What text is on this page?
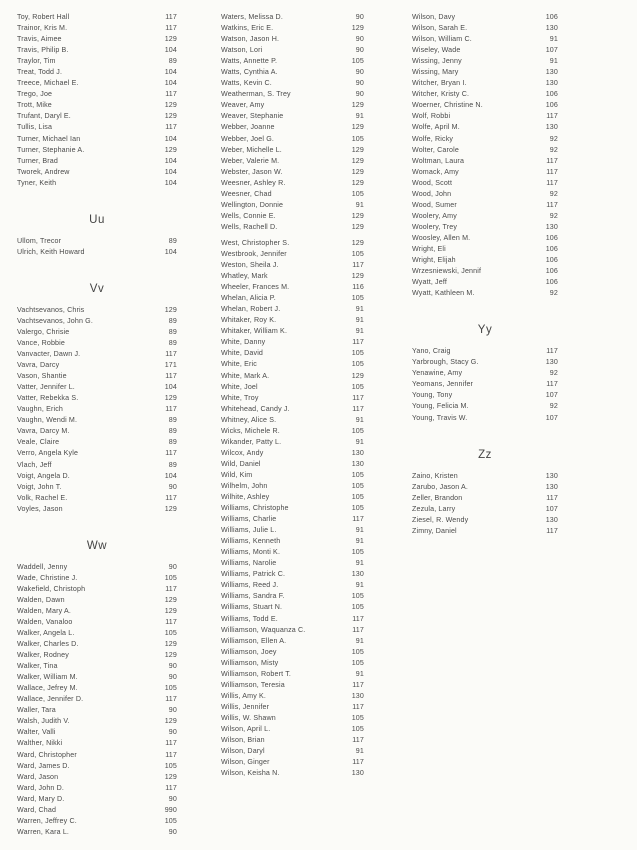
Toy, Robert Hall	117
Trainor, Kris M.	117
Travis, Aimee	129
Travis, Philip B.	104
Traylor, Tim	89
Treat, Todd J.	104
Treece, Michael E.	104
Trego, Joe	117
Trott, Mike	129
Trufant, Daryl E.	129
Tullis, Lisa	117
Turner, Michael Ian	104
Turner, Stephanie A.	129
Turner, Brad	104
Tworek, Andrew	104
Tyner, Keith	104
Uu
Ullom, Trecor	89
Ulrich, Keith Howard	104
Vv
Vachtsevanos, Chris	129
Vachtsevanos, John G.	89
Valergo, Chrisie	89
Vance, Robbie	89
Vanvacter, Dawn J.	117
Vavra, Darcy	171
Vason, Shantie	117
Vatter, Jennifer L.	104
Vatter, Rebekka S.	129
Vaughn, Erich	117
Vaughn, Wendi M.	89
Vavra, Darcy M.	89
Veale, Claire	89
Verro, Angela Kyle	117
Vlach, Jeff	89
Voigt, Angela D.	104
Voigt, John T.	90
Volk, Rachel E.	117
Voyles, Jason	129
Ww
Waddell, Jenny	90
Wade, Christine J.	105
Wakefield, Christoph	117
Walden, Dawn	129
Walden, Mary A.	129
Walden, Vanaloo	117
Walker, Angela L.	105
Walker, Charles D.	129
Walker, Rodney	129
Walker, Tina	90
Walker, William M.	90
Wallace, Jefrey M.	105
Wallace, Jennifer D.	117
Waller, Tara	90
Walsh, Judith V.	129
Walter, Valli	90
Walther, Nikki	117
Ward, Christopher	117
Ward, James D.	105
Ward, Jason	129
Ward, John D.	117
Ward, Mary D.	90
Ward, Chad	990
Warren, Jeffrey C.	105
Warren, Kara L.	90
Waters, Melissa D.	90
Watkins, Eric E.	129
Watson, Jason H.	90
Watson, Lori	90
Watts, Annette P.	105
Watts, Cynthia A.	90
Watts, Kevin C.	90
Weatherman, S. Trey	90
Weaver, Amy	129
Weaver, Stephanie	91
Webber, Joanne	129
Webber, Joel G.	105
Weber, Michelle L.	129
Weber, Valerie M.	129
Webster, Jason W.	129
Weesner, Ashley R.	129
Weesner, Chad	105
Wellington, Donnie	91
Wells, Connie E.	129
Wells, Rachell D.	129
West, Christopher S.	129
Westbrook, Jennifer	105
Weston, Sheila J.	117
Whatley, Mark	129
Wheeler, Frances M.	116
Whelan, Alicia P.	105
Whelan, Robert J.	91
Whitaker, Roy K.	91
Whitaker, William K.	91
White, Danny	117
White, David	105
White, Eric	105
White, Mark A.	129
White, Joel	105
White, Troy	117
Whitehead, Candy J.	117
Whitney, Alice S.	91
Wicks, Michele R.	105
Wikander, Patty L.	91
Wilcox, Andy	130
Wild, Daniel	130
Wild, Kim	105
Wilhelm, John	105
Wilhite, Ashley	105
Williams, Christophe	105
Williams, Charlie	117
Williams, Julie L.	91
Williams, Kenneth	91
Williams, Monti K.	105
Williams, Narolie	91
Williams, Patrick C.	130
Williams, Reed J.	91
Williams, Sandra F.	105
Williams, Stuart N.	105
Williams, Todd E.	117
Williamson, Waquanza C.	117
Williamson, Ellen A.	91
Williamson, Joey	105
Williamson, Misty	105
Williamson, Robert T.	91
Williamson, Teresia	117
Willis, Amy K.	130
Willis, Jennifer	117
Willis, W. Shawn	105
Wilson, April L.	105
Wilson, Brian	117
Wilson, Daryl	91
Wilson, Ginger	117
Wilson, Keisha N.	130
Wilson, Davy	106
Wilson, Sarah E.	130
Wilson, William C.	91
Wiseley, Wade	107
Wissing, Jenny	91
Wissing, Mary	130
Witcher, Bryan I.	130
Witcher, Kristy C.	106
Woerner, Christine N.	106
Wolf, Robbi	117
Wolfe, April M.	130
Wolfe, Ricky	92
Wolter, Carole	92
Woltman, Laura	117
Womack, Amy	117
Wood, Scott	117
Wood, John	92
Wood, Sumer	117
Woolery, Amy	92
Woolery, Trey	130
Woosley, Allen M.	106
Wright, Eli	106
Wright, Elijah	106
Wrzesniewski, Jennif	106
Wyatt, Jeff	106
Wyatt, Kathleen M.	92
Yy
Yano, Craig	117
Yarbrough, Stacy G.	130
Yenawine, Amy	92
Yeomans, Jennifer	117
Young, Tony	107
Young, Felicia M.	92
Young, Travis W.	107
Zz
Zaino, Kristen	130
Zarubo, Jason A.	130
Zeller, Brandon	117
Zezula, Larry	107
Ziesel, R. Wendy	130
Zimny, Daniel	117
